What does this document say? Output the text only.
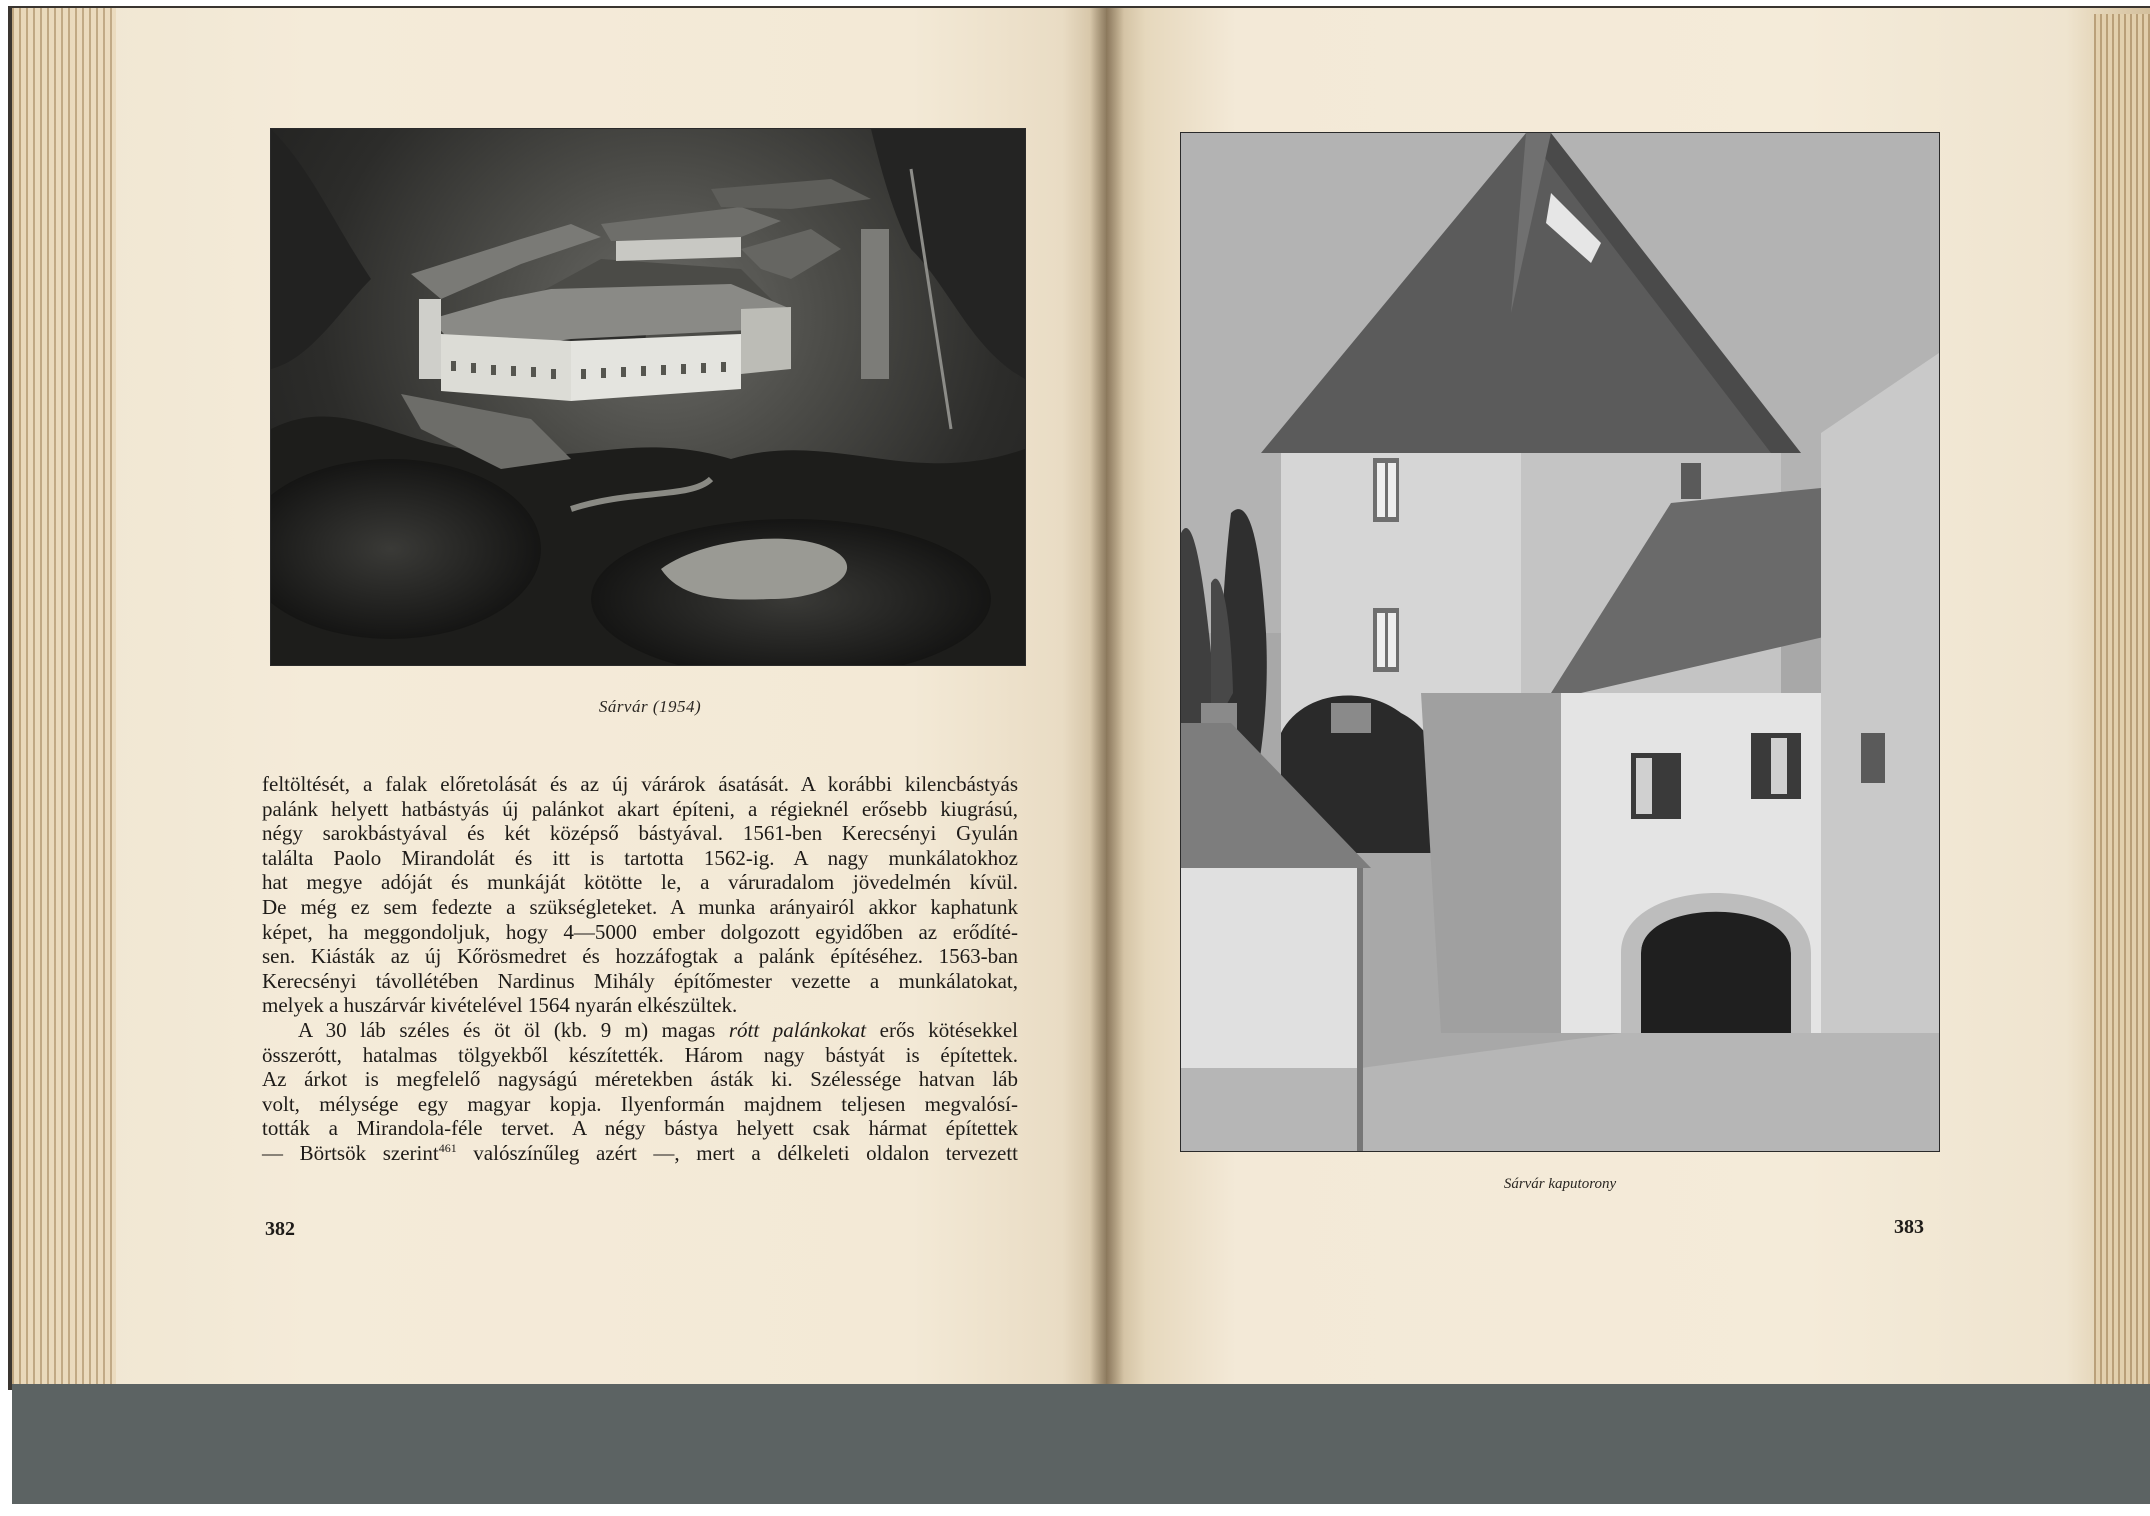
Sárvár (1954)
feltöltését, a falak előretolását és az új várárok ásatását. A korábbi kilencbástyás
palánk helyett hatbástyás új palánkot akart építeni, a régieknél erősebb kiugrású,
négy sarokbástyával és két középső bástyával. 1561-ben Kerecsényi Gyulán
találta Paolo Mirandolát és itt is tartotta 1562-ig. A nagy munkálatokhoz
hat megye adóját és munkáját kötötte le, a váruradalom jövedelmén kívül.
De még ez sem fedezte a szükségleteket. A munka arányairól akkor kaphatunk
képet, ha meggondoljuk, hogy 4—5000 ember dolgozott egyidőben az erődíté-
sen. Kiásták az új Kőrösmedret és hozzáfogtak a palánk építéséhez. 1563-ban
Kerecsényi távollétében Nardinus Mihály építőmester vezette a munkálatokat,
melyek a huszárvár kivételével 1564 nyarán elkészültek.
A 30 láb széles és öt öl (kb. 9 m) magas rótt palánkokat erős kötésekkel
összerótt, hatalmas tölgyekből készítették. Három nagy bástyát is építettek.
Az árkot is megfelelő nagyságú méretekben ásták ki. Szélessége hatvan láb
volt, mélysége egy magyar kopja. Ilyenformán majdnem teljesen megvalósí-
tották a Mirandola-féle tervet. A négy bástya helyett csak hármat építettek
— Börtsök szerint$^{461}$ valószínűleg azért —, mert a délkeleti oldalon tervezett
382
Sárvár kaputorony
383
